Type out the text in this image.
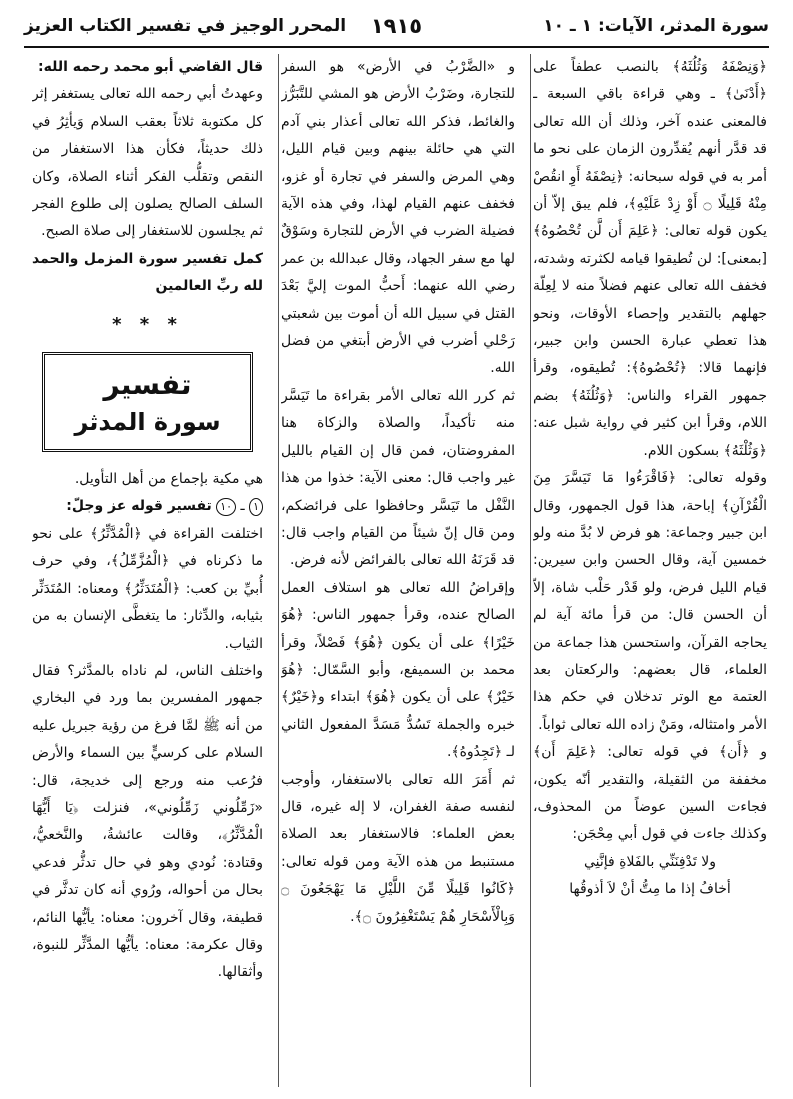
سورة المدثر، الآيات: ١ ـ ١٠
١٩١٥
المحرر الوجيز في تفسير الكتاب العزيز

﴿وَنِصْفَهُ وَثُلُثَهُ﴾ بالنصب عطفاً على ﴿أَدْنَىٰ﴾ ـ وهي قراءة باقي السبعة ـ فالمعنى عنده آخر، وذلك أن الله تعالى قد قدَّر أنهم يُقدِّرون الزمان على نحو ما أمر به في قوله سبحانه: ﴿نِصْفَهُ أَوِ انقُصْ مِنْهُ قَلِيلًا ۝ أَوْ زِدْ عَلَيْهِ﴾، فلم يبق إلاّ أن يكون قوله تعالى: ﴿عَلِمَ أَن لَّن تُحْصُوهُ﴾ [بمعنى]: لن تُطيقوا قيامه لكثرته وشدته، فخفف الله تعالى عنهم فضلاً منه لا لِعِلّة جهلهم بالتقدير وإحصاء الأوقات، ونحو هذا تعطي عبارة الحسن وابن جبير، فإنهما قالا: ﴿تُحْصُوهُ﴾: تُطيقوه، وقرأ جمهور القراء والناس: ﴿وَثُلُثَهُ﴾ بضم اللام، وقرأ ابن كثير في رواية شبل عنه: ﴿وَثُلْثَهُ﴾ بسكون اللام.

وقوله تعالى: ﴿فَاقْرَءُوا مَا تَيَسَّرَ مِنَ الْقُرْآنِ﴾ إباحة، هذا قول الجمهور، وقال ابن جبير وجماعة: هو فرض لا بُدَّ منه ولو خمسين آية، وقال الحسن وابن سيرين: قيام الليل فرض، ولو قَدْر حَلْب شاة، إلاّ أن الحسن قال: من قرأ مائة آية لم يحاجه القرآن، واستحسن هذا جماعة من العلماء، قال بعضهم: والركعتان بعد العتمة مع الوتر تدخلان في حكم هذا الأمر وامتثاله، ومَنْ زاده الله تعالى ثواباً.

و ﴿أَن﴾ في قوله تعالى: ﴿عَلِمَ أَن﴾ مخففة من الثقيلة، والتقدير أنّه يكون، فجاءت السين عوضاً من المحذوف، وكذلك جاءت في قول أبي مِحْجَن:

ولا تَدْفِنَنِّي بالفَلاةِ فإنَّنِي

أخافُ إذا ما مِتُّ أنْ لاَ أذوقُها

و «الضَّرْبُ في الأرض» هو السفر للتجارة، وضَرْبُ الأرض هو المشي للتَّبَرُّز والغائط، فذكر الله تعالى أعذار بني آدم التي هي حائلة بينهم وبين قيام الليل، وهي المرض والسفر في تجارة أو غزو، فخفف عنهم القيام لهذا، وفي هذه الآية فضيلة الضرب في الأرض للتجارة وسَوْقٌ لها مع سفر الجهاد، وقال عبدالله بن عمر رضي الله عنهما: أَحبُّ الموت إليَّ بَعْدَ القتل في سبيل الله أن أموت بين شعبتي رَحْلي أضرب في الأرض أبتغي من فضل الله.

ثم كرر الله تعالى الأمر بقراءة ما تَيَسَّر منه تأكيداً، والصلاة والزكاة هنا المفروضتان، فمن قال إن القيام بالليل غير واجب قال: معنى الآية: خذوا من هذا النَّفْل ما تَيَسَّر وحافظوا على فرائضكم، ومن قال إنّ شيئاً من القيام واجب قال: قد قَرَنَهُ الله تعالى بالفرائض لأنه فرض.

وإقراضُ الله تعالى هو استلاف العمل الصالح عنده، وقرأ جمهور الناس: ﴿هُوَ خَيْرًا﴾ على أن يكون ﴿هُوَ﴾ فَصْلاً، وقرأ محمد بن السميفع، وأبو السَّمّال: ﴿هُوَ خَيْرٌ﴾ على أن يكون ﴿هُوَ﴾ ابتداء و﴿خَيْرٌ﴾ خبره والجملة تَسُدُّ مَسَدَّ المفعول الثاني لـ ﴿تَجِدُوهُ﴾.

ثم أَمَرَ الله تعالى بالاستغفار، وأوجب لنفسه صفة الغفران، لا إله غيره، قال بعض العلماء: فالاستغفار بعد الصلاة مستنبط من هذه الآية ومن قوله تعالى: ﴿كَانُوا قَلِيلًا مِّنَ اللَّيْلِ مَا يَهْجَعُونَ ۝ وَبِالْأَسْحَارِ هُمْ يَسْتَغْفِرُونَ ۝﴾.

قال القاضي أبو محمد رحمه الله:

وعهدتُ أبي رحمه الله تعالى يستغفر إثر كل مكتوبة ثلاثاً بعقب السلام وَيأثِرُ في ذلك حديثاً، فكأن هذا الاستغفار من النقص وتقلُّب الفكر أثناء الصلاة، وكان السلف الصالح يصلون إلى طلوع الفجر ثم يجلسون للاستغفار إلى صلاة الصبح.

كمل تفسير سورة المزمل والحمد لله ربِّ العالمين

* * *
تفسير
سورة المدثر

هي مكية بإجماع من أهل التأويل.

١ ـ ١٠ تفسير قوله عز وجلّ:

اختلفت القراءة في ﴿الْمُدَّثِّرُ﴾ على نحو ما ذكرناه في ﴿الْمُزَّمِّلُ﴾، وفي حرف أُبيِّ بن كعب: ﴿الْمُتَدَثِّرُ﴾ ومعناه: المُتَدَثِّر بثيابه، والدِّثار: ما يتغطَّى الإنسان به من الثياب.

واختلف الناس، لم ناداه بالمدَّثر؟ فقال جمهور المفسرين بما ورد في البخاري من أنه ﷺ لمَّا فرغ من رؤية جبريل عليه السلام على كرسيٍّ بين السماء والأرض فرُعب منه ورجع إلى خديجة، قال: «زَمِّلُوني زَمِّلُوني»، فنزلت ﴿يَا أَيُّهَا الْمُدَّثِّرُ﴾، وقالت عائشةُ، والنَّخعيُّ، وقتادة: نُودي وهو في حال تدثُّر فدعي بحال من أحواله، ورُوي أنه كان تدثَّر في قطيفة، وقال آخرون: معناه: يأيُّها النائم، وقال عكرمة: معناه: يأيُّها المدَّثِّر للنبوة، وأثقالها.
